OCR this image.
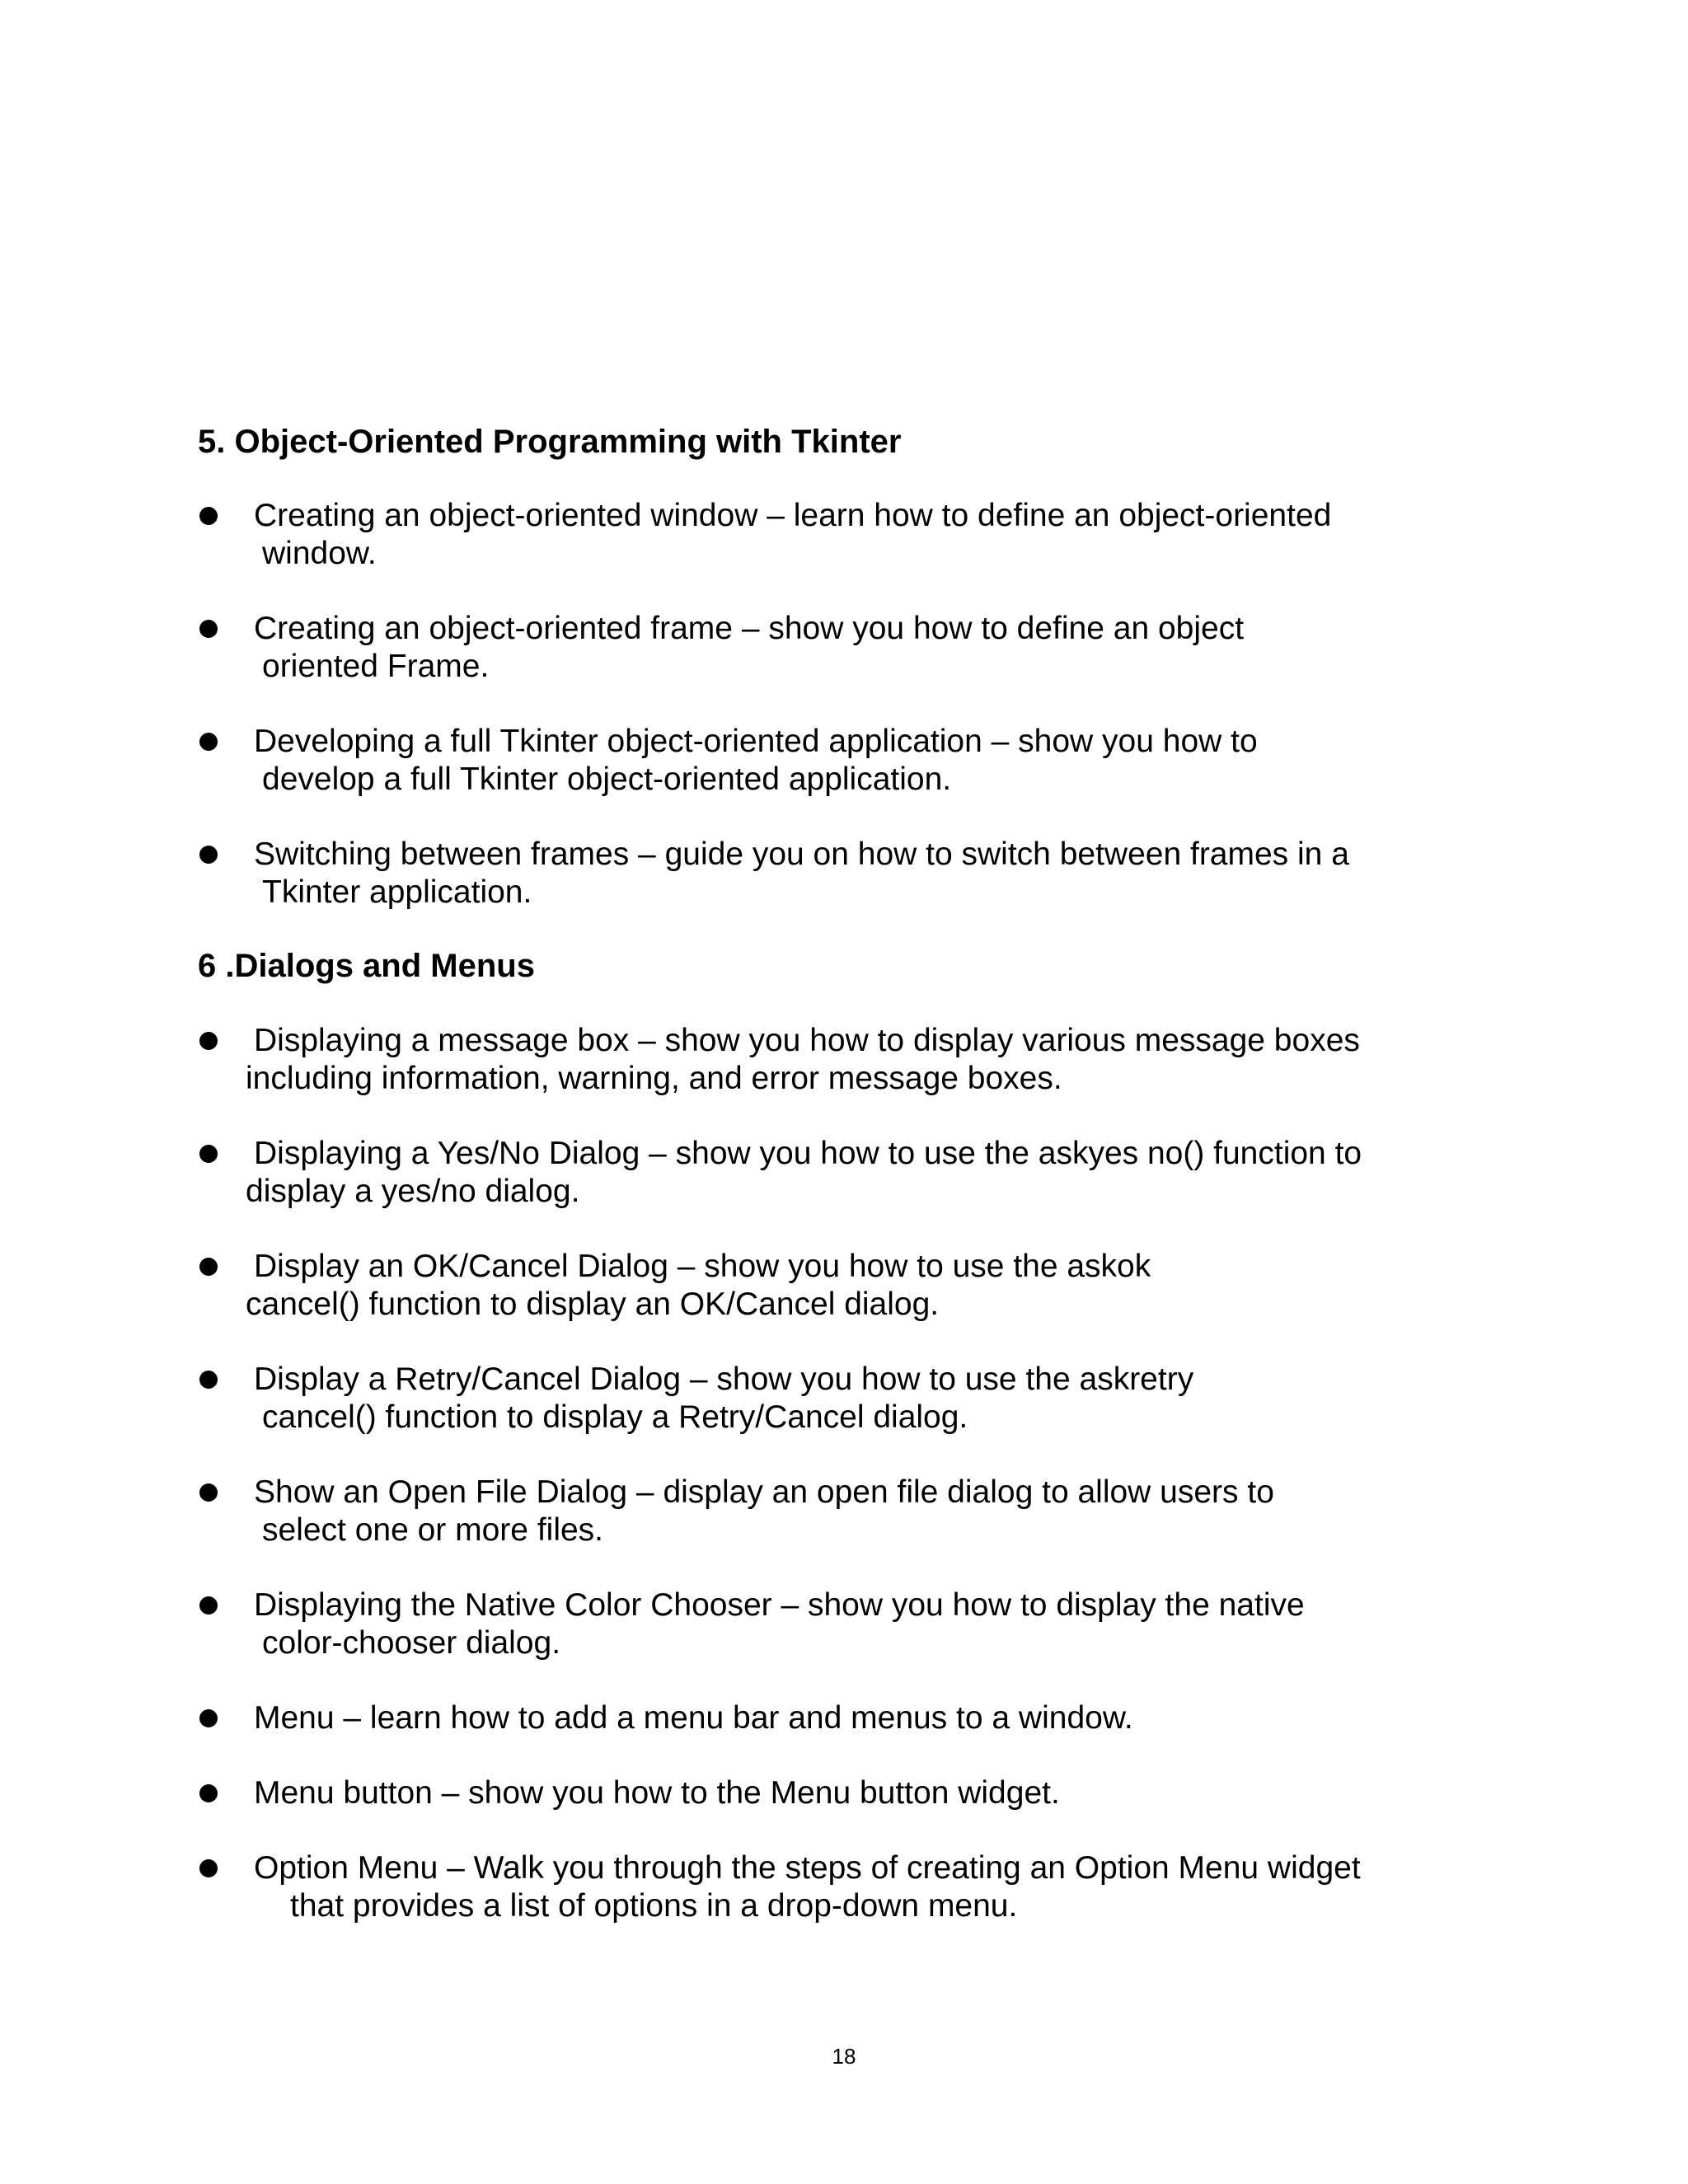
5. Object-Oriented Programming with Tkinter
Creating an object-oriented window – learn how to define an object-oriented
window.
Creating an object-oriented frame – show you how to define an object
oriented Frame.
Developing a full Tkinter object-oriented application – show you how to
develop a full Tkinter object-oriented application.
Switching between frames – guide you on how to switch between frames in a
Tkinter application.
6 .Dialogs and Menus
Displaying a message box – show you how to display various message boxes
including information, warning, and error message boxes.
Displaying a Yes/No Dialog – show you how to use the askyes no() function to
display a yes/no dialog.
Display an OK/Cancel Dialog – show you how to use the askok
cancel() function to display an OK/Cancel dialog.
Display a Retry/Cancel Dialog – show you how to use the askretry
cancel() function to display a Retry/Cancel dialog.
Show an Open File Dialog – display an open file dialog to allow users to
select one or more files.
Displaying the Native Color Chooser – show you how to display the native
color-chooser dialog.
Menu – learn how to add a menu bar and menus to a window.
Menu button – show you how to the Menu button widget.
Option Menu – Walk you through the steps of creating an Option Menu widget
that provides a list of options in a drop-down menu.
18
